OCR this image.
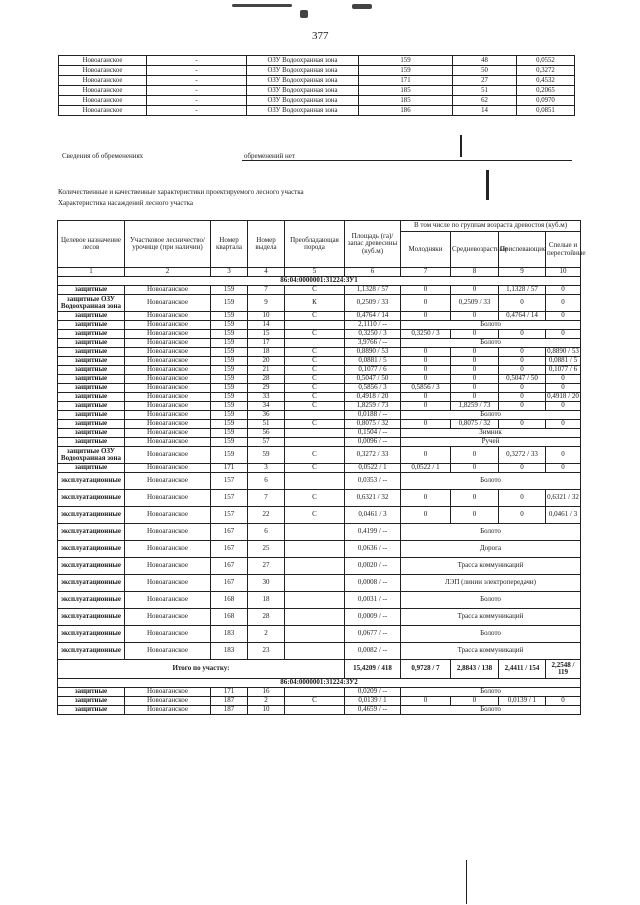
377
Новоаганское	-	ОЗУ Водоохранная зона	159	48	0,0552
Новоаганское	-	ОЗУ Водоохранная зона	159	50	0,3272
Новоаганское	-	ОЗУ Водоохранная зона	171	27	0,4532
Новоаганское	-	ОЗУ Водоохранная зона	185	51	0,2065
Новоаганское	-	ОЗУ Водоохранная зона	185	62	0,0970
Новоаганское	-	ОЗУ Водоохранная зона	186	14	0,0851
Сведения об обременениях	обременений нет
Количественные и качественные характеристики проектируемого лесного участка
Характеристика насаждений лесного участка
Целевое назначение лесов	Участковое лесничество/урочище (при наличии)	Номер квартала	Номер выдела	Преобладающая порода	Площадь (га)/запас древесины (куб.м)	В том числе по группам возраста древостоя (куб.м)			
						Молодняки	Средневозрастные	Приспевающие	Спелые и перестойные
1	2	3	4	5	6	7	8	9	10
86:04:0000001:31224:ЗУ1									
защитные	Новоаганское	159	7	С	1,1328 / 57	0	0	1,1328 / 57	0
защитные ОЗУ Водоохранная зона	Новоаганское	159	9	К	0,2509 / 33	0	0,2509 / 33	0	0
защитные	Новоаганское	159	10	С	0,4764 / 14	0	0	0,4764 / 14	0
защитные	Новоаганское	159	14		2,1110 / --	Болото			
защитные	Новоаганское	159	15	С	0,3250 / 3	0,3250 / 3	0	0	0
защитные	Новоаганское	159	17		3,9766 / --	Болото			
защитные	Новоаганское	159	18	С	0,8890 / 53	0	0	0	0,8890 / 53
защитные	Новоаганское	159	20	С	0,0881 / 5	0	0	0	0,0881 / 5
защитные	Новоаганское	159	21	С	0,1077 / 6	0	0	0	0,1077 / 6
защитные	Новоаганское	159	28	С	0,5047 / 50	0	0	0,5047 / 50	0
защитные	Новоаганское	159	29	С	0,5856 / 3	0,5856 / 3	0	0	0
защитные	Новоаганское	159	33	С	0,4918 / 20	0	0	0	0,4918 / 20
защитные	Новоаганское	159	34	С	1,8259 / 73	0	1,8259 / 73	0	0
защитные	Новоаганское	159	36		0,0188 / --	Болото			
защитные	Новоаганское	159	51	С	0,8075 / 32	0	0,8075 / 32	0	0
защитные	Новоаганское	159	56		0,1504 / --	Зимник			
защитные	Новоаганское	159	57		0,0096 / --	Ручей			
защитные ОЗУ Водоохранная зона	Новоаганское	159	59	С	0,3272 / 33	0	0	0,3272 / 33	0
защитные	Новоаганское	171	3	С	0,0522 / 1	0,0522 / 1	0	0	0
эксплуатационные	Новоаганское	157	6		0,0353 / --	Болото			
эксплуатационные	Новоаганское	157	7	С	0,6321 / 32	0	0	0	0,6321 / 32
эксплуатационные	Новоаганское	157	22	С	0,0461 / 3	0	0	0	0,0461 / 3
эксплуатационные	Новоаганское	167	6		0,4199 / --	Болото			
эксплуатационные	Новоаганское	167	25		0,0636 / --	Дорога			
эксплуатационные	Новоаганское	167	27		0,0020 / --	Трасса коммуникаций			
эксплуатационные	Новоаганское	167	30		0,0008 / --	ЛЭП (линии электропередачи)			
эксплуатационные	Новоаганское	168	18		0,0031 / --	Болото			
эксплуатационные	Новоаганское	168	28		0,0009 / --	Трасса коммуникаций			
эксплуатационные	Новоаганское	183	2		0,0677 / --	Болото			
эксплуатационные	Новоаганское	183	23		0,0082 / --	Трасса коммуникаций			
Итого по участку:					15,4209 / 418	0,9728 / 7	2,8843 / 138	2,4411 / 154	2,2548 / 119
86:04:0000001:31224:ЗУ2									
защитные	Новоаганское	171	16		0,0209 / --	Болото			
защитные	Новоаганское	187	2	С	0,0139 / 1	0	0	0,0139 / 1	0
защитные	Новоаганское	187	10		0,4659 / --	Болото			
